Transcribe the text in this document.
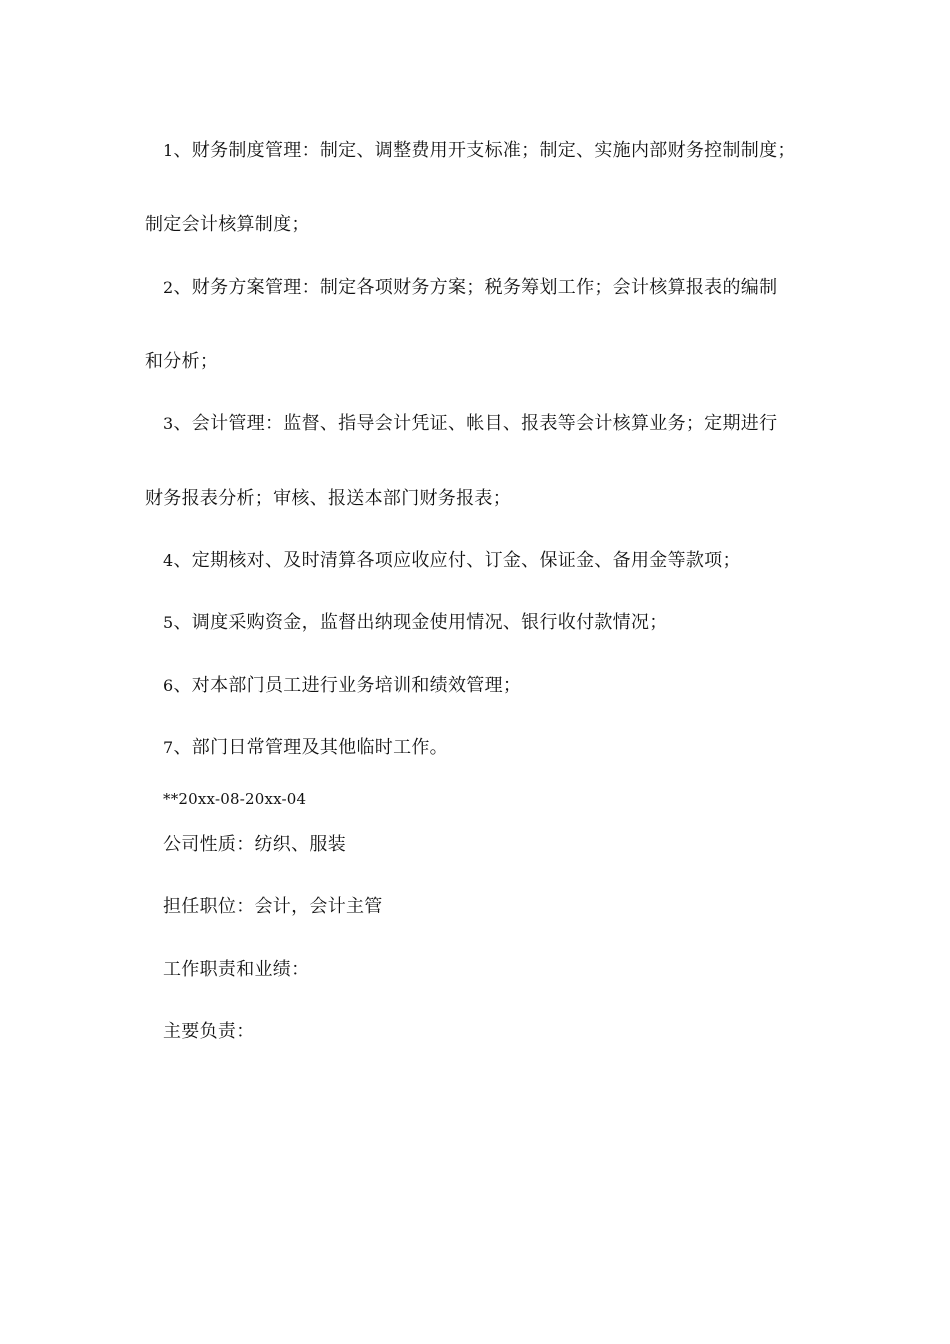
1、财务制度管理：制定、调整费用开支标准；制定、实施内部财务控制制度；
制定会计核算制度；
2、财务方案管理：制定各项财务方案；税务筹划工作；会计核算报表的编制
和分析；
3、会计管理：监督、指导会计凭证、帐目、报表等会计核算业务；定期进行
财务报表分析；审核、报送本部门财务报表；
4、定期核对、及时清算各项应收应付、订金、保证金、备用金等款项；
5、调度采购资金，监督出纳现金使用情况、银行收付款情况；
6、对本部门员工进行业务培训和绩效管理；
7、部门日常管理及其他临时工作。
**20xx-08-20xx-04
公司性质：纺织、服装
担任职位：会计，会计主管
工作职责和业绩：
主要负责：
